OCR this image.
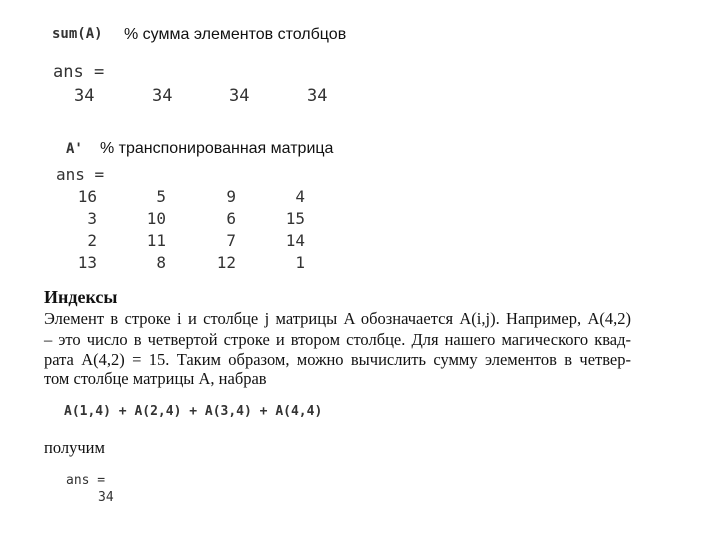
sum(A) % сумма элементов столбцов
ans =
34	34	34	34
A' % транспонированная матрица
ans =
16	5	9	4
3	10	6	15
2	11	7	14
13	8	12	1
Индексы
Элемент в строке i и столбце j матрицы A обозначается A(i,j). Например, A(4,2)
– это число в четвертой строке и втором столбце. Для нашего магического квад-
рата A(4,2) = 15. Таким образом, можно вычислить сумму элементов в четвер-
том столбце матрицы A, набрав
A(1,4) + A(2,4) + A(3,4) + A(4,4)
получим
ans =
34
